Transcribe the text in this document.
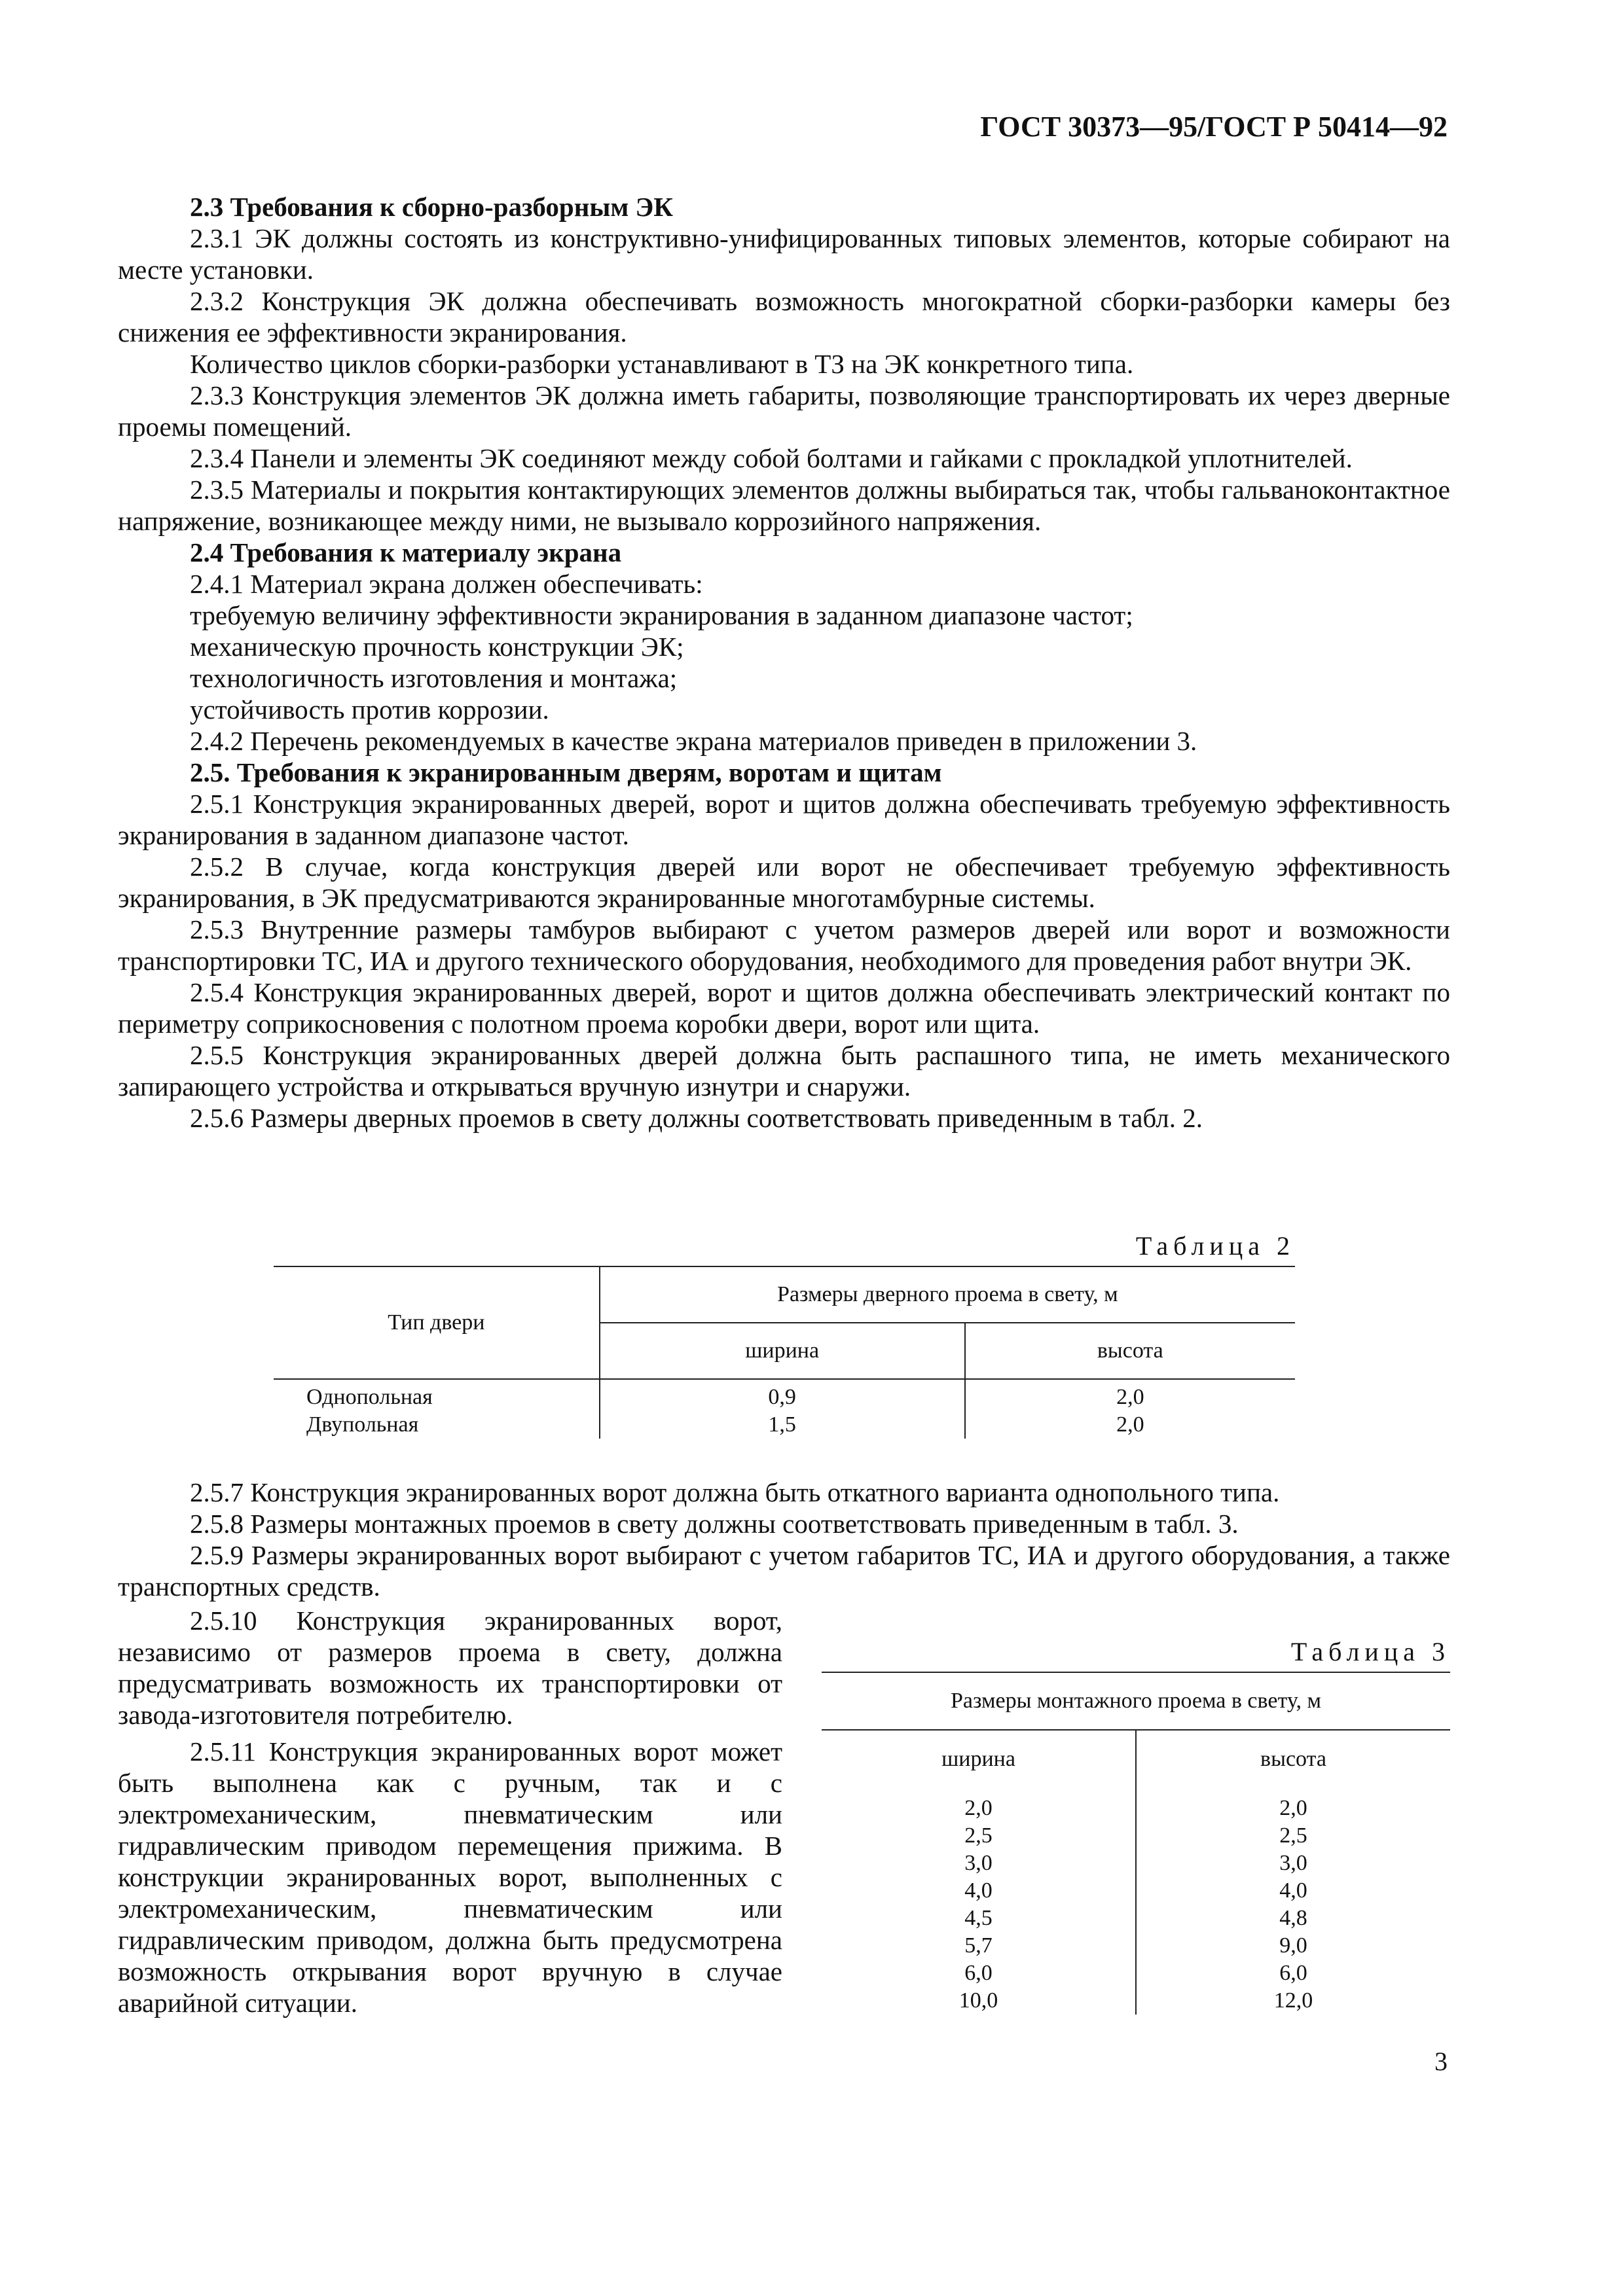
ГОСТ 30373—95/ГОСТ Р 50414—92

2.3 Требования к сборно-разборным ЭК

2.3.1 ЭК должны состоять из конструктивно-унифицированных типовых элементов, которые собирают на месте установки.

2.3.2 Конструкция ЭК должна обеспечивать возможность многократной сборки-разборки камеры без снижения ее эффективности экранирования.

Количество циклов сборки-разборки устанавливают в ТЗ на ЭК конкретного типа.

2.3.3 Конструкция элементов ЭК должна иметь габариты, позволяющие транспортировать их через дверные проемы помещений.

2.3.4 Панели и элементы ЭК соединяют между собой болтами и гайками с прокладкой уплотнителей.

2.3.5 Материалы и покрытия контактирующих элементов должны выбираться так, чтобы гальваноконтактное напряжение, возникающее между ними, не вызывало коррозийного напряжения.

2.4 Требования к материалу экрана

2.4.1 Материал экрана должен обеспечивать:

требуемую величину эффективности экранирования в заданном диапазоне частот;

механическую прочность конструкции ЭК;

технологичность изготовления и монтажа;

устойчивость против коррозии.

2.4.2 Перечень рекомендуемых в качестве экрана материалов приведен в приложении 3.

2.5. Требования к экранированным дверям, воротам и щитам

2.5.1 Конструкция экранированных дверей, ворот и щитов должна обеспечивать требуемую эффективность экранирования в заданном диапазоне частот.

2.5.2 В случае, когда конструкция дверей или ворот не обеспечивает требуемую эффективность экранирования, в ЭК предусматриваются экранированные многотамбурные системы.

2.5.3 Внутренние размеры тамбуров выбирают с учетом размеров дверей или ворот и возможности транспортировки ТС, ИА и другого технического оборудования, необходимого для проведения работ внутри ЭК.

2.5.4 Конструкция экранированных дверей, ворот и щитов должна обеспечивать электрический контакт по периметру соприкосновения с полотном проема коробки двери, ворот или щита.

2.5.5 Конструкция экранированных дверей должна быть распашного типа, не иметь механического запирающего устройства и открываться вручную изнутри и снаружи.

2.5.6 Размеры дверных проемов в свету должны соответствовать приведенным в табл. 2.

Таблица 2

Тип двери	Размеры дверного проема в свету, м	
	ширина	высота
Однопольная	0,9	2,0
Двупольная	1,5	2,0

2.5.7 Конструкция экранированных ворот должна быть откатного варианта однопольного типа.

2.5.8 Размеры монтажных проемов в свету должны соответствовать приведенным в табл. 3.

2.5.9 Размеры экранированных ворот выбирают с учетом габаритов ТС, ИА и другого оборудования, а также транспортных средств.

2.5.10 Конструкция экранированных ворот, независимо от размеров проема в свету, должна предусматривать возможность их транспортировки от завода-изготовителя потребителю.

2.5.11 Конструкция экранированных ворот может быть выполнена как с ручным, так и с электромеханическим, пневматическим или гидравлическим приводом перемещения прижима. В конструкции экранированных ворот, выполненных с электромеханическим, пневматическим или гидравлическим приводом, должна быть предусмотрена возможность открывания ворот вручную в случае аварийной ситуации.

Таблица 3

Размеры монтажного проема в свету, м	
ширина	высота
2,0	2,0
2,5	2,5
3,0	3,0
4,0	4,0
4,5	4,8
5,7	9,0
6,0	6,0
10,0	12,0
3
